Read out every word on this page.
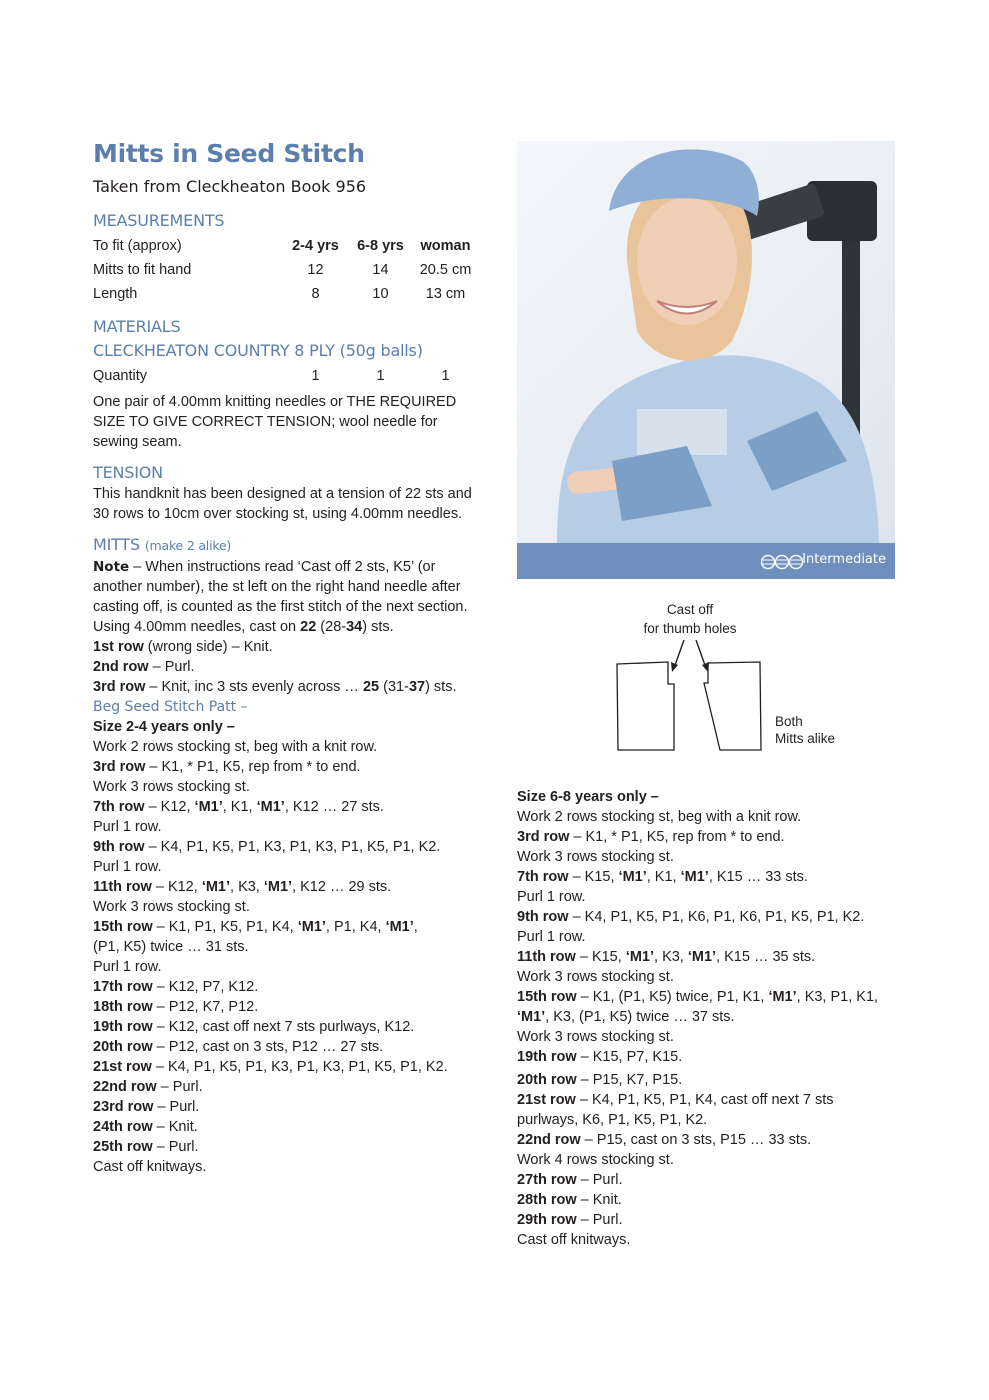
Mitts in Seed Stitch
Taken from Cleckheaton Book 956
MEASUREMENTS
To fit (approx)	2-4 yrs	6-8 yrs	woman
Mitts to fit hand	12	14	20.5 cm
Length	8	10	13 cm
MATERIALS
CLECKHEATON COUNTRY 8 PLY (50g balls)
Quantity	1	1	1
One pair of 4.00mm knitting needles or THE REQUIRED SIZE TO GIVE CORRECT TENSION; wool needle for sewing seam.
TENSION
This handknit has been designed at a tension of 22 sts and 30 rows to 10cm over stocking st, using 4.00mm needles.
MITTS (make 2 alike)
Note – When instructions read ‘Cast off 2 sts, K5’ (or another number), the st left on the right hand needle after casting off, is counted as the first stitch of the next section.
Using 4.00mm needles, cast on 22 (28-34) sts.
1st row (wrong side) – Knit.
2nd row – Purl.
3rd row – Knit, inc 3 sts evenly across … 25 (31-37) sts.
Beg Seed Stitch Patt –
Size 2-4 years only –
Work 2 rows stocking st, beg with a knit row.
3rd row – K1, * P1, K5, rep from * to end.
Work 3 rows stocking st.
7th row – K12, ‘M1’, K1, ‘M1’, K12 … 27 sts.
Purl 1 row.
9th row – K4, P1, K5, P1, K3, P1, K3, P1, K5, P1, K2.
Purl 1 row.
11th row – K12, ‘M1’, K3, ‘M1’, K12 … 29 sts.
Work 3 rows stocking st.
15th row – K1, P1, K5, P1, K4, ‘M1’, P1, K4, ‘M1’,
(P1, K5) twice … 31 sts.
Purl 1 row.
17th row – K12, P7, K12.
18th row – P12, K7, P12.
19th row – K12, cast off next 7 sts purlways, K12.
20th row – P12, cast on 3 sts, P12 … 27 sts.
21st row – K4, P1, K5, P1, K3, P1, K3, P1, K5, P1, K2.
22nd row – Purl.
23rd row – Purl.
24th row – Knit.
25th row – Purl.
Cast off knitways.
Intermediate
Cast off
for thumb holes
Both
Mitts alike
Size 6-8 years only –
Work 2 rows stocking st, beg with a knit row.
3rd row – K1, * P1, K5, rep from * to end.
Work 3 rows stocking st.
7th row – K15, ‘M1’, K1, ‘M1’, K15 … 33 sts.
Purl 1 row.
9th row – K4, P1, K5, P1, K6, P1, K6, P1, K5, P1, K2.
Purl 1 row.
11th row – K15, ‘M1’, K3, ‘M1’, K15 … 35 sts.
Work 3 rows stocking st.
15th row – K1, (P1, K5) twice, P1, K1, ‘M1’, K3, P1, K1,
‘M1’, K3, (P1, K5) twice … 37 sts.
Work 3 rows stocking st.
19th row – K15, P7, K15.
20th row – P15, K7, P15.
21st row – K4, P1, K5, P1, K4, cast off next 7 sts
purlways, K6, P1, K5, P1, K2.
22nd row – P15, cast on 3 sts, P15 … 33 sts.
Work 4 rows stocking st.
27th row – Purl.
28th row – Knit.
29th row – Purl.
Cast off knitways.
